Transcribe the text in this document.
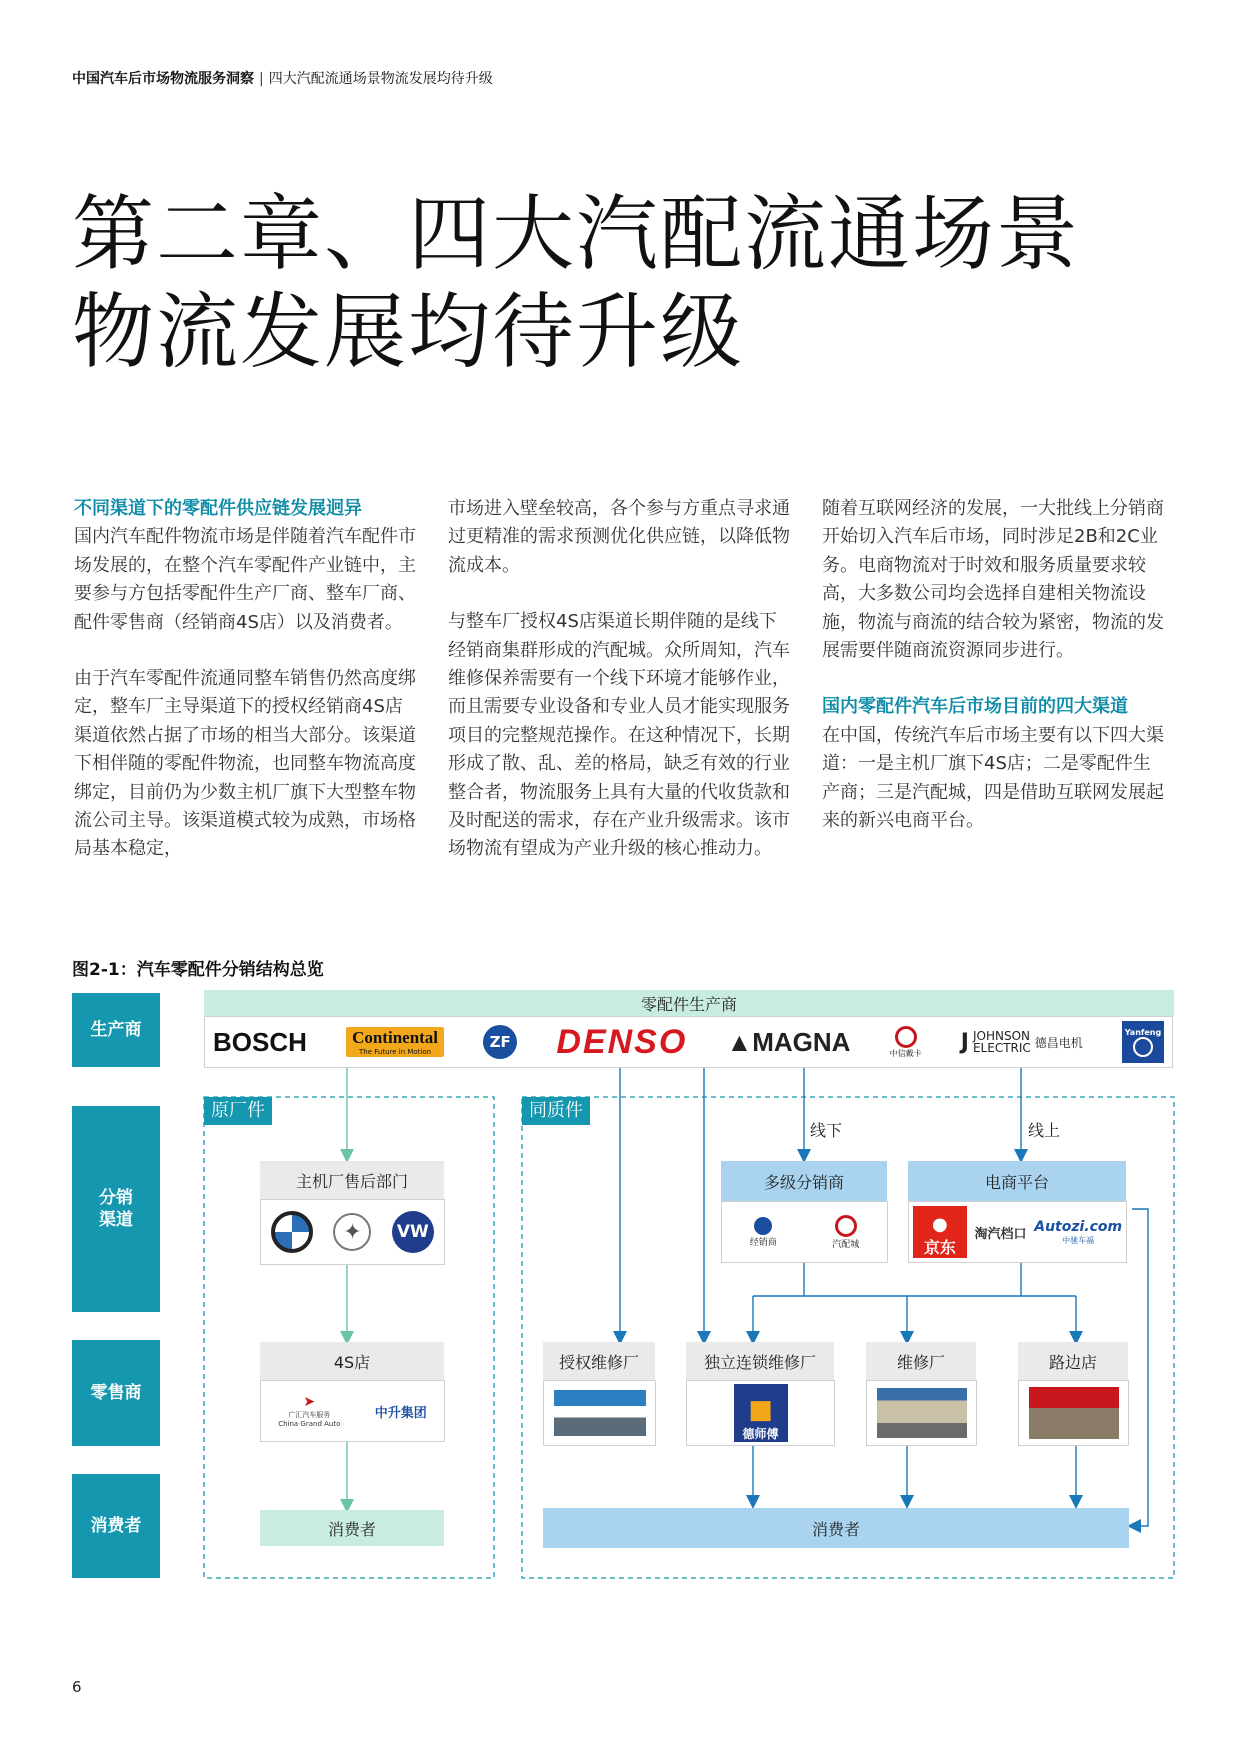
中国汽车后市场物流服务洞察 | 四大汽配流通场景物流发展均待升级
第二章、四大汽配流通场景
物流发展均待升级

不同渠道下的零配件供应链发展迥异

国内汽车配件物流市场是伴随着汽车配件市场发展的，在整个汽车零配件产业链中，主要参与方包括零配件生产厂商、整车厂商、配件零售商（经销商4S店）以及消费者。

由于汽车零配件流通同整车销售仍然高度绑定，整车厂主导渠道下的授权经销商4S店渠道依然占据了市场的相当大部分。该渠道下相伴随的零配件物流，也同整车物流高度绑定，目前仍为少数主机厂旗下大型整车物流公司主导。该渠道模式较为成熟，市场格局基本稳定，

市场进入壁垒较高，各个参与方重点寻求通过更精准的需求预测优化供应链，以降低物流成本。

与整车厂授权4S店渠道长期伴随的是线下经销商集群形成的汽配城。众所周知，汽车维修保养需要有一个线下环境才能够作业，而且需要专业设备和专业人员才能实现服务项目的完整规范操作。在这种情况下，长期形成了散、乱、差的格局，缺乏有效的行业整合者，物流服务上具有大量的代收货款和及时配送的需求，存在产业升级需求。该市场物流有望成为产业升级的核心推动力。

随着互联网经济的发展，一大批线上分销商开始切入汽车后市场，同时涉足2B和2C业务。电商物流对于时效和服务质量要求较高，大多数公司均会选择自建相关物流设施，物流与商流的结合较为紧密，物流的发展需要伴随商流资源同步进行。

国内零配件汽车后市场目前的四大渠道

在中国，传统汽车后市场主要有以下四大渠道：一是主机厂旗下4S店；二是零配件生产商；三是汽配城，四是借助互联网发展起来的新兴电商平台。

图2-1：汽车零配件分销结构总览
生产商
分销
渠道
零售商
消费者
零配件生产商
BOSCH	Continental
The Future in Motion
ZF DENSO ▲MAGNA	中信戴卡 Ј JOHNSON
ELECTRIC 德昌电机
Yanfeng
原厂件	同质件
线下	线上
主机厂售后部门
✦	VW
4S店
➤
广汇汽车服务
China Grand Auto
中升集团
消费者
多级分销商
经销商	汽配城
电商平台
●
京东
淘汽档口 Autozi.com
中驰车福
授权维修厂	独立连锁维修厂
■
德师傅
维修厂	路边店
消费者
6
